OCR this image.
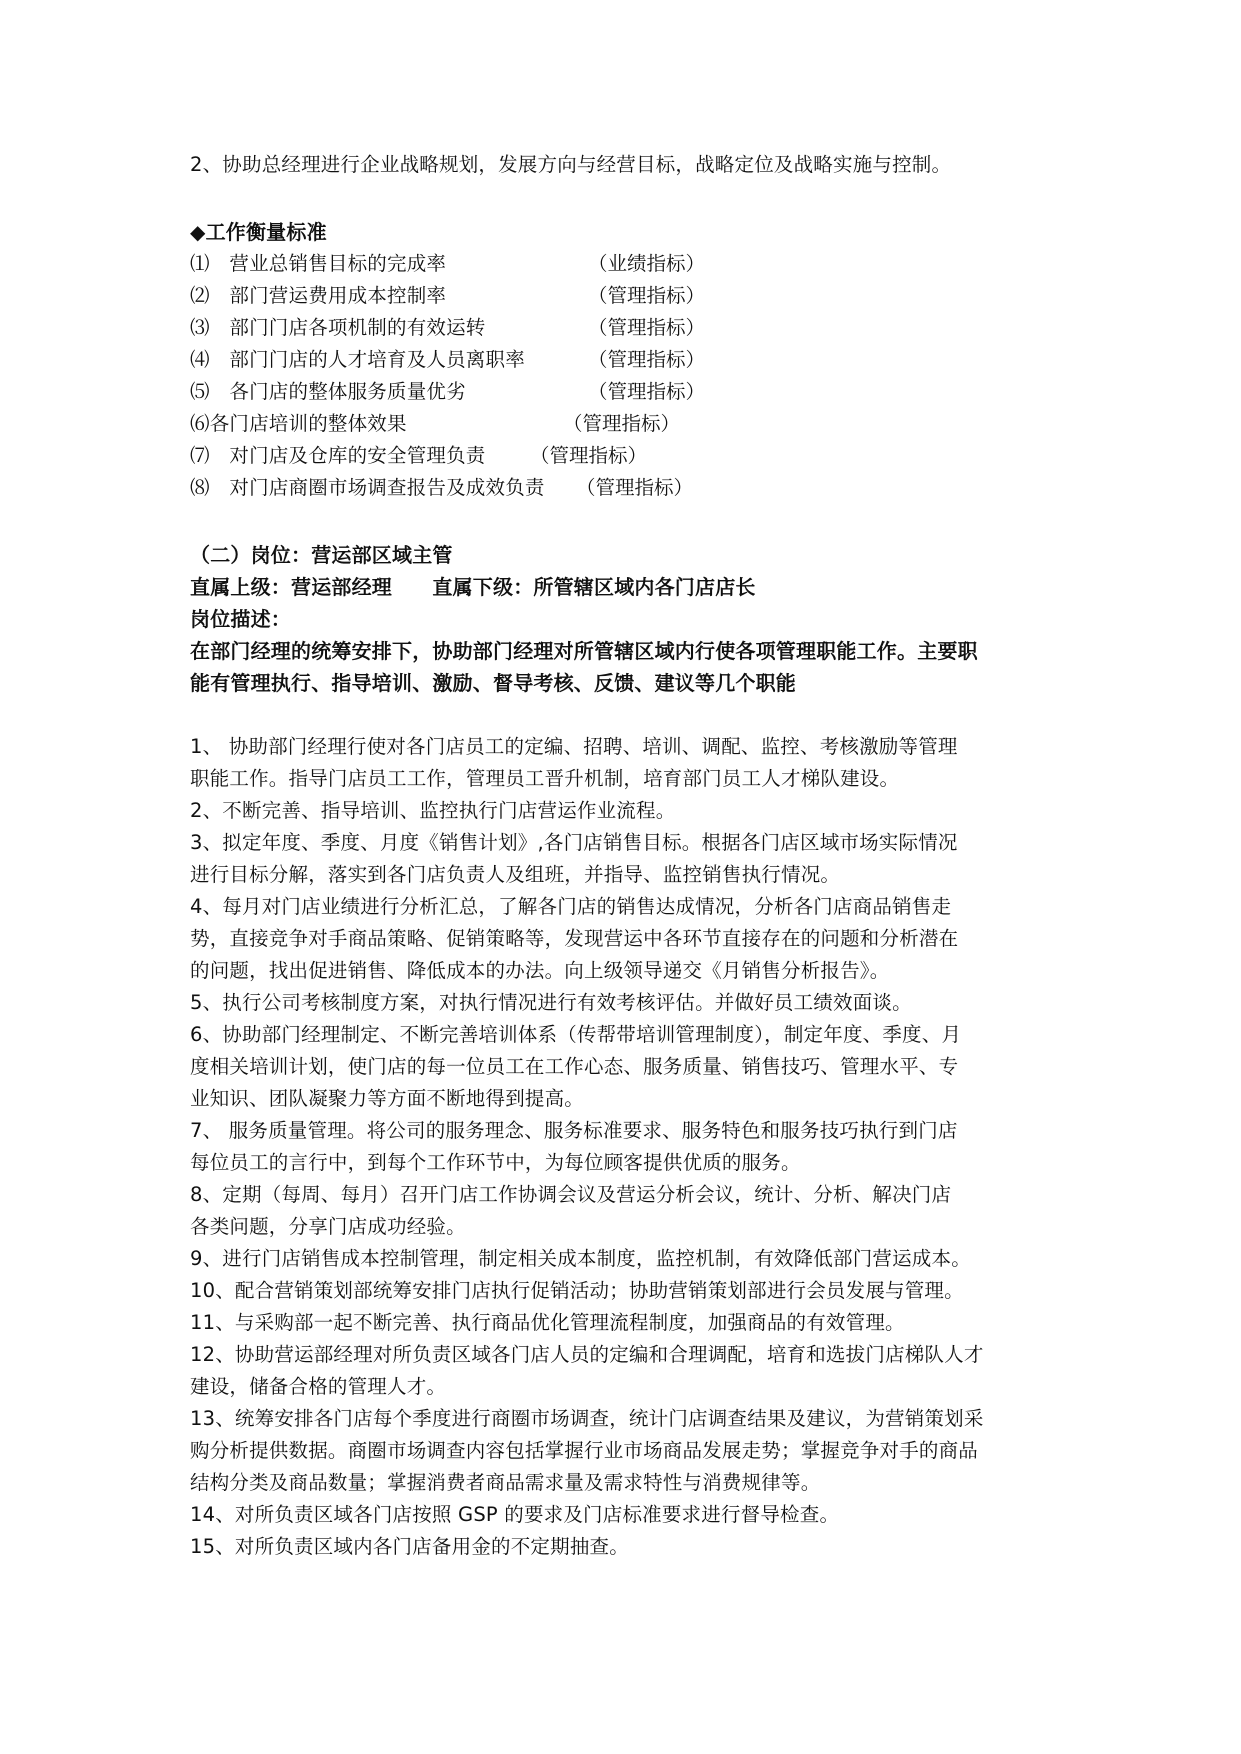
2、协助总经理进行企业战略规划，发展方向与经营目标，战略定位及战略实施与控制。
◆工作衡量标准
⑴　营业总销售目标的完成率	（业绩指标）
⑵　部门营运费用成本控制率	（管理指标）
⑶　部门门店各项机制的有效运转	（管理指标）
⑷　部门门店的人才培育及人员离职率	（管理指标）
⑸　各门店的整体服务质量优劣	（管理指标）
⑹各门店培训的整体效果	（管理指标）
⑺　对门店及仓库的安全管理负责 （管理指标）
⑻　对门店商圈市场调查报告及成效负责 （管理指标）
（二）岗位：营运部区域主管
直属上级：营运部经理　　直属下级：所管辖区域内各门店店长
岗位描述：
在部门经理的统筹安排下，协助部门经理对所管辖区域内行使各项管理职能工作。主要职
能有管理执行、指导培训、激励、督导考核、反馈、建议等几个职能
1、 协助部门经理行使对各门店员工的定编、招聘、培训、调配、监控、考核激励等管理
职能工作。指导门店员工工作，管理员工晋升机制，培育部门员工人才梯队建设。
2、不断完善、指导培训、监控执行门店营运作业流程。
3、拟定年度、季度、月度《销售计划》,各门店销售目标。根据各门店区域市场实际情况
进行目标分解，落实到各门店负责人及组班，并指导、监控销售执行情况。
4、每月对门店业绩进行分析汇总，了解各门店的销售达成情况，分析各门店商品销售走
势，直接竞争对手商品策略、促销策略等，发现营运中各环节直接存在的问题和分析潜在
的问题，找出促进销售、降低成本的办法。向上级领导递交《月销售分析报告》。
5、执行公司考核制度方案，对执行情况进行有效考核评估。并做好员工绩效面谈。
6、协助部门经理制定、不断完善培训体系（传帮带培训管理制度），制定年度、季度、月
度相关培训计划，使门店的每一位员工在工作心态、服务质量、销售技巧、管理水平、专
业知识、团队凝聚力等方面不断地得到提高。
7、 服务质量管理。将公司的服务理念、服务标准要求、服务特色和服务技巧执行到门店
每位员工的言行中，到每个工作环节中，为每位顾客提供优质的服务。
8、定期（每周、每月）召开门店工作协调会议及营运分析会议，统计、分析、解决门店
各类问题，分享门店成功经验。
9、进行门店销售成本控制管理，制定相关成本制度，监控机制，有效降低部门营运成本。
10、配合营销策划部统筹安排门店执行促销活动；协助营销策划部进行会员发展与管理。
11、与采购部一起不断完善、执行商品优化管理流程制度，加强商品的有效管理。
12、协助营运部经理对所负责区域各门店人员的定编和合理调配，培育和选拔门店梯队人才
建设，储备合格的管理人才。
13、统筹安排各门店每个季度进行商圈市场调查，统计门店调查结果及建议，为营销策划采
购分析提供数据。商圈市场调查内容包括掌握行业市场商品发展走势；掌握竞争对手的商品
结构分类及商品数量；掌握消费者商品需求量及需求特性与消费规律等。
14、对所负责区域各门店按照 GSP 的要求及门店标准要求进行督导检查。
15、对所负责区域内各门店备用金的不定期抽查。
